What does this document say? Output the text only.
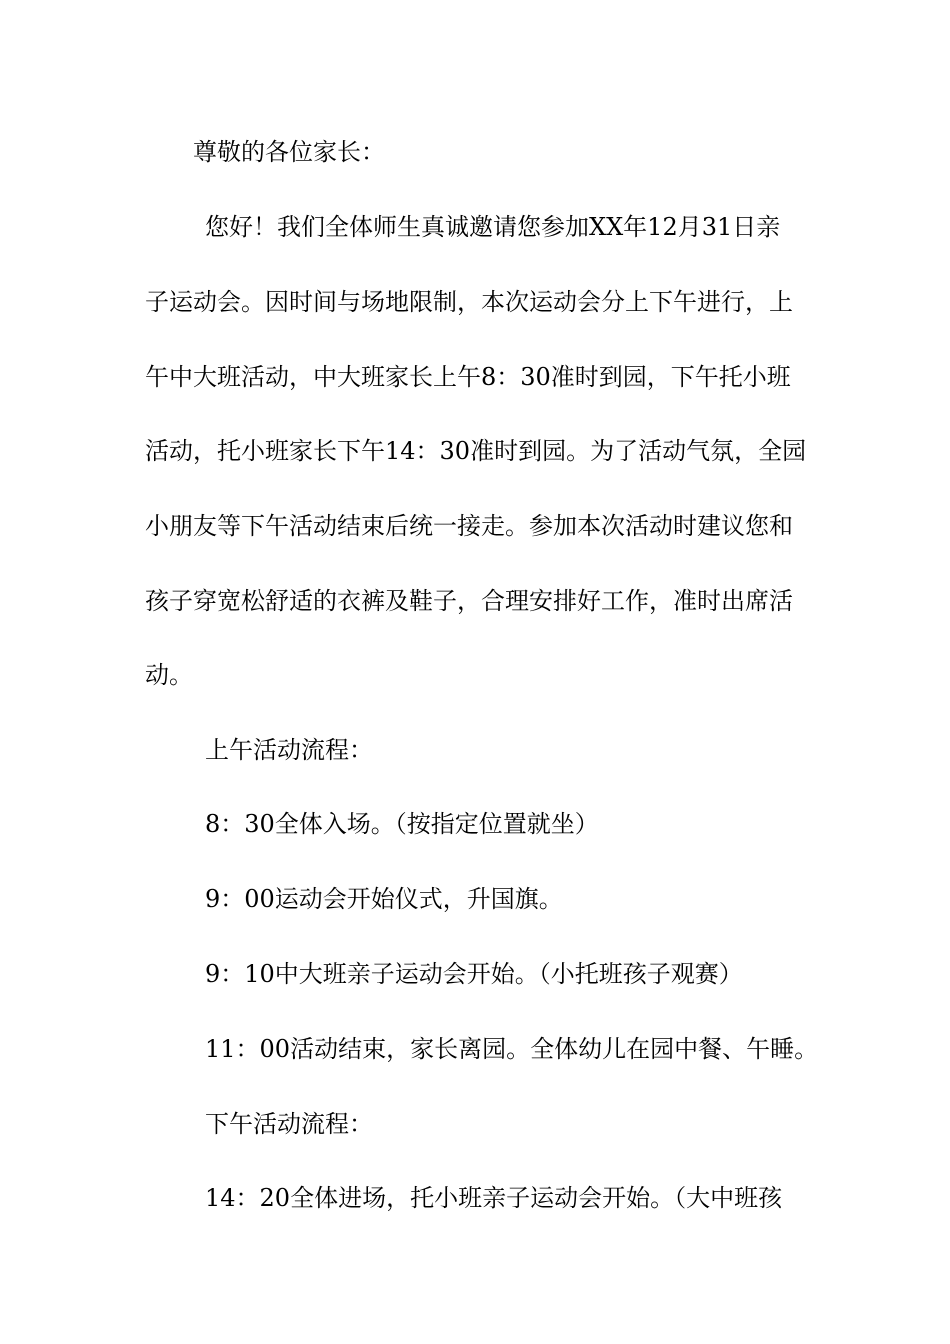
尊敬的各位家长：
您好！我们全体师生真诚邀请您参加XX年12月31日亲
子运动会。因时间与场地限制，本次运动会分上下午进行，上
午中大班活动，中大班家长上午8：30准时到园，下午托小班
活动，托小班家长下午14：30准时到园。为了活动气氛，全园
小朋友等下午活动结束后统一接走。参加本次活动时建议您和
孩子穿宽松舒适的衣裤及鞋子，合理安排好工作，准时出席活
动。
上午活动流程：
8：30全体入场。（按指定位置就坐）
9：00运动会开始仪式，升国旗。
9：10中大班亲子运动会开始。（小托班孩子观赛）
11：00活动结束，家长离园。全体幼儿在园中餐、午睡。
下午活动流程：
14：20全体进场，托小班亲子运动会开始。（大中班孩
